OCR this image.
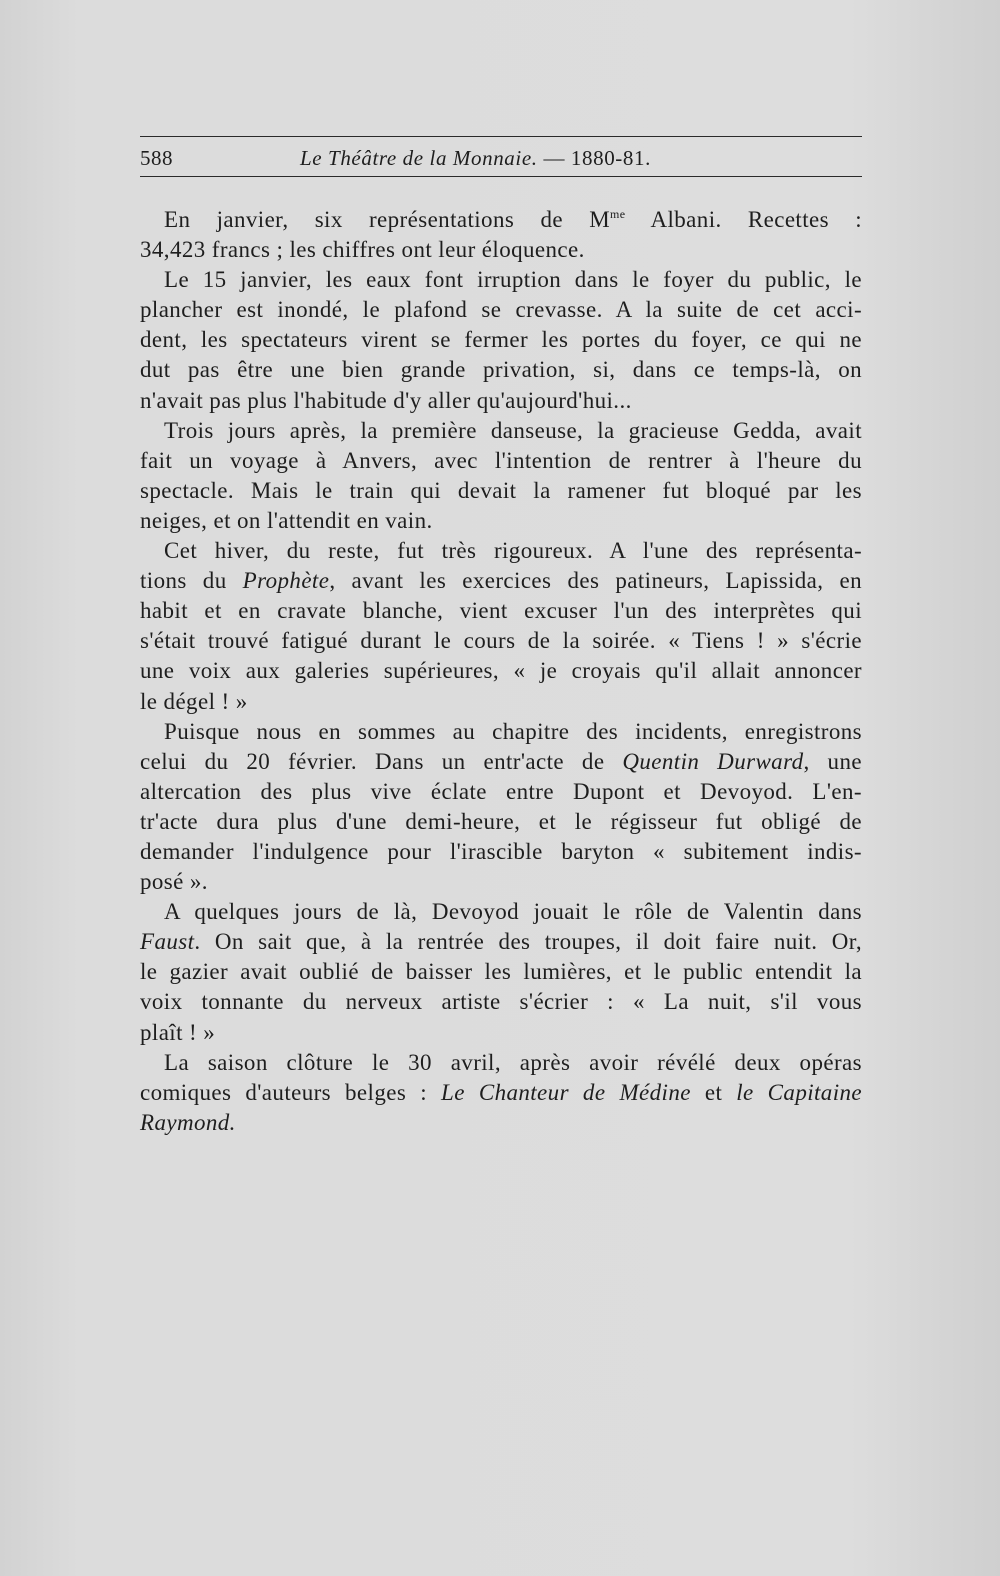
588	Le Théâtre de la Monnaie. — 1880-81.
En janvier, six représentations de $M^{me}$ Albani. Recettes :
34,423 francs ; les chiffres ont leur éloquence.
Le 15 janvier, les eaux font irruption dans le foyer du public, le
plancher est inondé, le plafond se crevasse. A la suite de cet acci-
dent, les spectateurs virent se fermer les portes du foyer, ce qui ne
dut pas être une bien grande privation, si, dans ce temps-là, on
n'avait pas plus l'habitude d'y aller qu'aujourd'hui...
Trois jours après, la première danseuse, la gracieuse Gedda, avait
fait un voyage à Anvers, avec l'intention de rentrer à l'heure du
spectacle. Mais le train qui devait la ramener fut bloqué par les
neiges, et on l'attendit en vain.
Cet hiver, du reste, fut très rigoureux. A l'une des représenta-
tions du Prophète, avant les exercices des patineurs, Lapissida, en
habit et en cravate blanche, vient excuser l'un des interprètes qui
s'était trouvé fatigué durant le cours de la soirée. « Tiens ! » s'écrie
une voix aux galeries supérieures, « je croyais qu'il allait annoncer
le dégel ! »
Puisque nous en sommes au chapitre des incidents, enregistrons
celui du 20 février. Dans un entr'acte de Quentin Durward, une
altercation des plus vive éclate entre Dupont et Devoyod. L'en-
tr'acte dura plus d'une demi-heure, et le régisseur fut obligé de
demander l'indulgence pour l'irascible baryton « subitement indis-
posé ».
A quelques jours de là, Devoyod jouait le rôle de Valentin dans
Faust. On sait que, à la rentrée des troupes, il doit faire nuit. Or,
le gazier avait oublié de baisser les lumières, et le public entendit la
voix tonnante du nerveux artiste s'écrier : « La nuit, s'il vous
plaît ! »
La saison clôture le 30 avril, après avoir révélé deux opéras
comiques d'auteurs belges : Le Chanteur de Médine et le Capitaine
Raymond.
